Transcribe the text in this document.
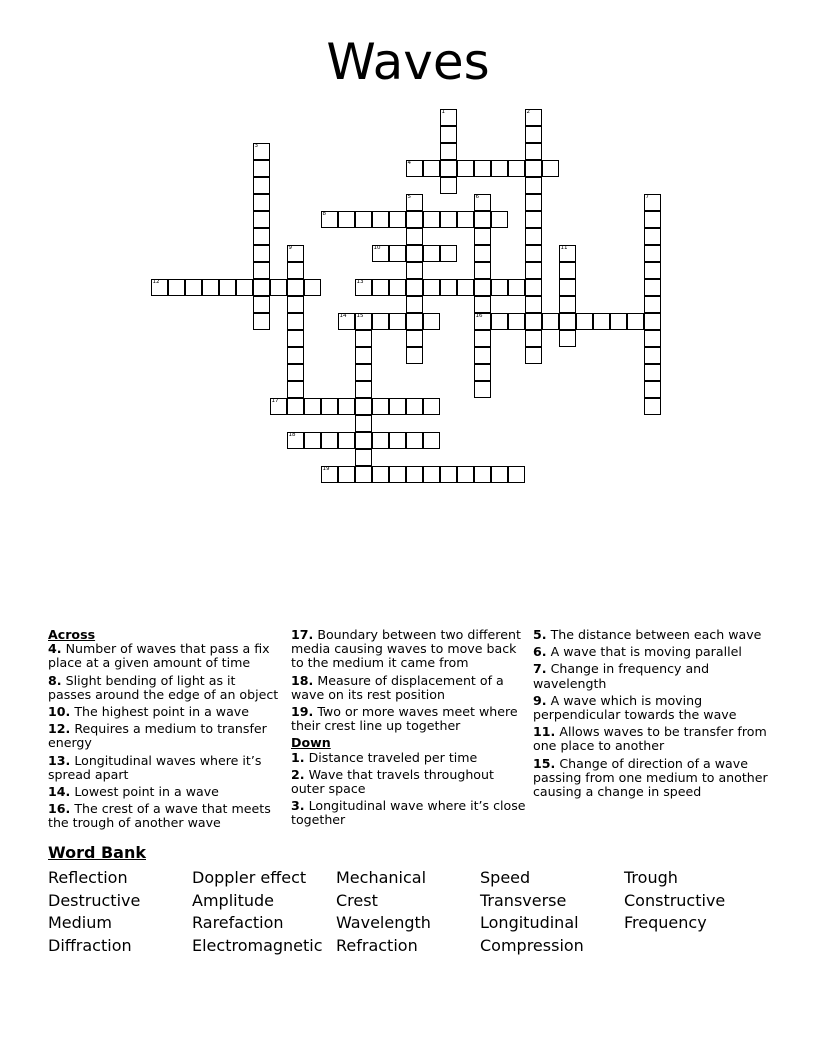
Waves
1	2
3
4
5	6
16
7
8
9	10	11
12	13
14 15
17
18
19
Across
4. Number of waves that pass a fix place at a given amount of time
8. Slight bending of light as it passes around the edge of an object
10. The highest point in a wave
12. Requires a medium to transfer energy
13. Longitudinal waves where it’s spread apart
14. Lowest point in a wave
16. The crest of a wave that meets the trough of another wave
17. Boundary between two different media causing waves to move back to the medium it came from
18. Measure of displacement of a wave on its rest position
19. Two or more waves meet where their crest line up together
Down
1. Distance traveled per time
2. Wave that travels throughout outer space
3. Longitudinal wave where it’s close together
5. The distance between each wave
6. A wave that is moving parallel
7. Change in frequency and wavelength
9. A wave which is moving perpendicular towards the wave
11. Allows waves to be transfer from one place to another
15. Change of direction of a wave passing from one medium to another causing a change in speed
Word Bank
Reflection
Destructive
Medium
Diffraction
Doppler effect
Amplitude
Rarefaction
Electromagnetic
Mechanical
Crest
Wavelength
Refraction
Speed
Transverse
Longitudinal
Compression
Trough
Constructive
Frequency
